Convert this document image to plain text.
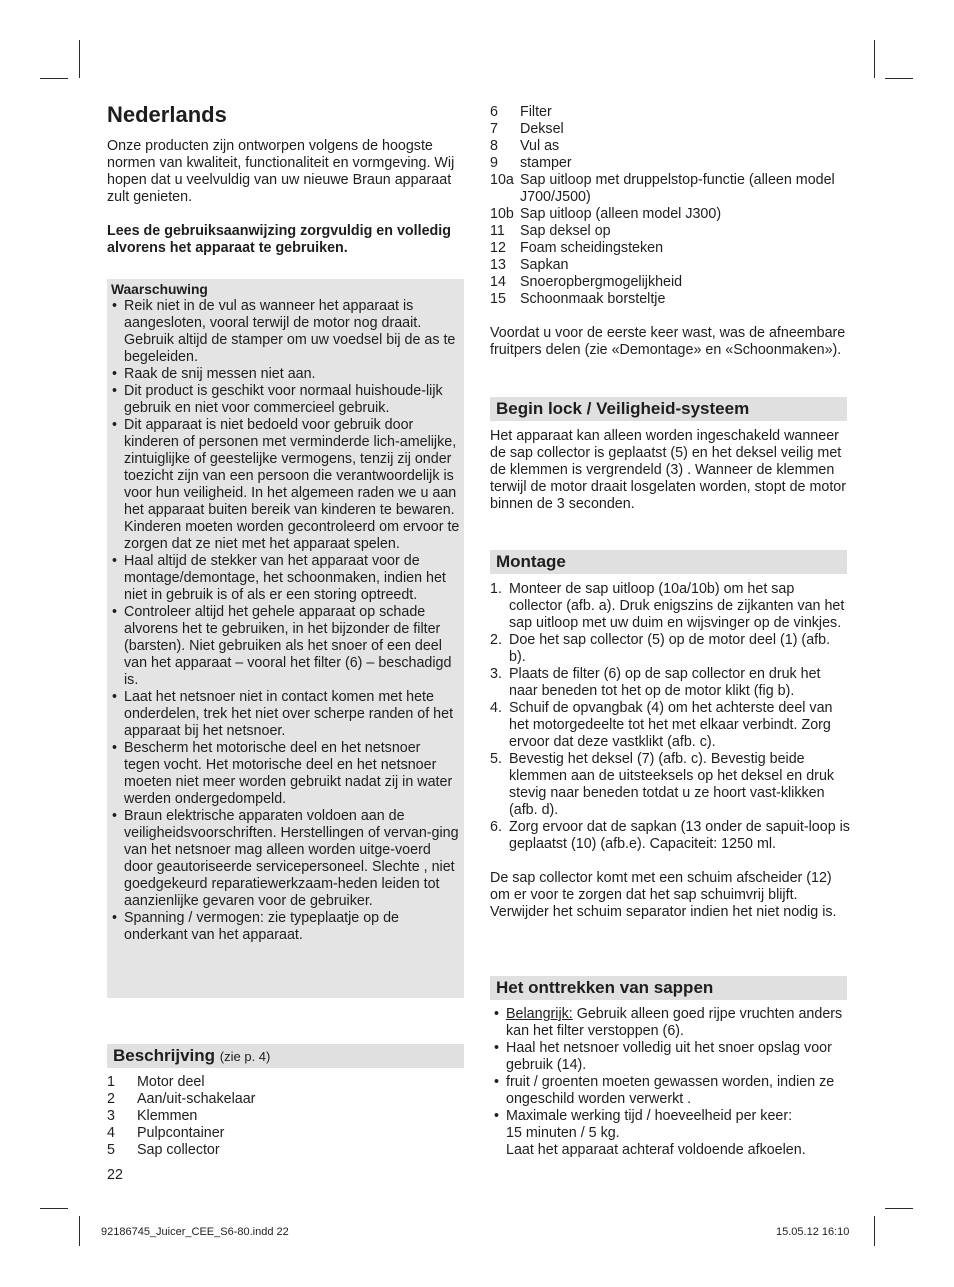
Nederlands

Onze producten zijn ontworpen volgens de hoogste normen van kwaliteit, functionaliteit en vormgeving. Wij hopen dat u veelvuldig van uw nieuwe Braun apparaat zult genieten.

Lees de gebruiksaanwijzing zorgvuldig en volledig alvorens het apparaat te gebruiken.

Waarschuwing
• Reik niet in de vul as wanneer het apparaat is aangesloten, vooral terwijl de motor nog draait. Gebruik altijd de stamper om uw voedsel bij de as te begeleiden.
• Raak de snij messen niet aan.
• Dit product is geschikt voor normaal huishoude-lijk gebruik en niet voor commercieel gebruik.
• Dit apparaat is niet bedoeld voor gebruik door kinderen of personen met verminderde lich-amelijke, zintuiglijke of geestelijke vermogens, tenzij zij onder toezicht zijn van een persoon die verantwoordelijk is voor hun veiligheid. In het algemeen raden we u aan het apparaat buiten bereik van kinderen te bewaren. Kinderen moeten worden gecontroleerd om ervoor te zorgen dat ze niet met het apparaat spelen.
• Haal altijd de stekker van het apparaat voor de montage/demontage, het schoonmaken, indien het niet in gebruik is of als er een storing optreedt.
• Controleer altijd het gehele apparaat op schade alvorens het te gebruiken, in het bijzonder de filter (barsten). Niet gebruiken als het snoer of een deel van het apparaat – vooral het filter (6) – beschadigd is.
• Laat het netsnoer niet in contact komen met hete onderdelen, trek het niet over scherpe randen of het apparaat bij het netsnoer.
• Bescherm het motorische deel en het netsnoer tegen vocht. Het motorische deel en het netsnoer moeten niet meer worden gebruikt nadat zij in water werden ondergedompeld.
• Braun elektrische apparaten voldoen aan de veiligheidsvoorschriften. Herstellingen of vervan-ging van het netsnoer mag alleen worden uitge-voerd door geautoriseerde servicepersoneel. Slechte , niet goedgekeurd reparatiewerkzaam-heden leiden tot aanzienlijke gevaren voor de gebruiker.
• Spanning / vermogen: zie typeplaatje op de onderkant van het apparaat.
Beschrijving (zie p. 4)
1 Motor deel
2 Aan/uit-schakelaar
3 Klemmen
4 Pulpcontainer
5 Sap collector
22
6 Filter
7 Deksel
8 Vul as
9 stamper
10a Sap uitloop met druppelstop-functie (alleen model J700/J500)
10b Sap uitloop (alleen model J300)
11 Sap deksel op
12 Foam scheidingsteken
13 Sapkan
14 Snoeropbergmogelijkheid
15 Schoonmaak borsteltje

Voordat u voor de eerste keer wast, was de afneembare fruitpers delen (zie «Demontage» en «Schoonmaken»).

Begin lock / Veiligheid-systeem

Het apparaat kan alleen worden ingeschakeld wanneer de sap collector is geplaatst (5) en het deksel veilig met de klemmen is vergrendeld (3) . Wanneer de klemmen terwijl de motor draait losgelaten worden, stopt de motor binnen de 3 seconden.

Montage
1. Monteer de sap uitloop (10a/10b) om het sap collector (afb. a). Druk enigszins de zijkanten van het sap uitloop met uw duim en wijsvinger op de vinkjes.
2. Doe het sap collector (5) op de motor deel (1) (afb. b).
3. Plaats de filter (6) op de sap collector en druk het naar beneden tot het op de motor klikt (fig b).
4. Schuif de opvangbak (4) om het achterste deel van het motorgedeelte tot het met elkaar verbindt. Zorg ervoor dat deze vastklikt (afb. c).
5. Bevestig het deksel (7) (afb. c). Bevestig beide klemmen aan de uitsteeksels op het deksel en druk stevig naar beneden totdat u ze hoort vast-klikken (afb. d).
6. Zorg ervoor dat de sapkan (13 onder de sapuit-loop is geplaatst (10) (afb.e). Capaciteit: 1250 ml.

De sap collector komt met een schuim afscheider (12) om er voor te zorgen dat het sap schuimvrij blijft. Verwijder het schuim separator indien het niet nodig is.

Het onttrekken van sappen
• Belangrijk: Gebruik alleen goed rijpe vruchten anders kan het filter verstoppen (6).
• Haal het netsnoer volledig uit het snoer opslag voor gebruik (14).
• fruit / groenten moeten gewassen worden, indien ze ongeschild worden verwerkt .
• Maximale werking tijd / hoeveelheid per keer:
15 minuten / 5 kg.
Laat het apparaat achteraf voldoende afkoelen.
92186745_Juicer_CEE_S6-80.indd 22	15.05.12 16:10
